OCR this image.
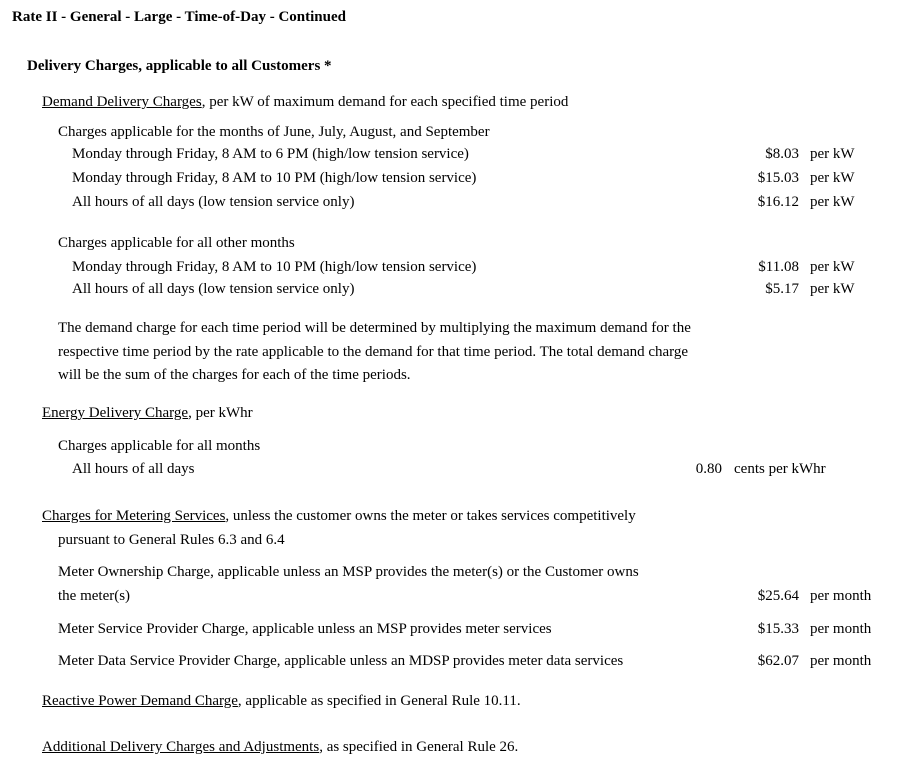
Rate II - General - Large - Time-of-Day - Continued
Delivery Charges, applicable to all Customers *
Demand Delivery Charges, per kW of maximum demand for each specified time period
Charges applicable for the months of June, July, August, and September
Monday through Friday, 8 AM to 6 PM (high/low tension service)	$8.03 per kW
Monday through Friday, 8 AM to 10 PM (high/low tension service)	$15.03 per kW
All hours of all days (low tension service only)	$16.12 per kW
Charges applicable for all other months
Monday through Friday, 8 AM to 10 PM (high/low tension service)	$11.08 per kW
All hours of all days (low tension service only)	$5.17 per kW
The demand charge for each time period will be determined by multiplying the maximum demand for the
respective time period by the rate applicable to the demand for that time period. The total demand charge
will be the sum of the charges for each of the time periods.
Energy Delivery Charge, per kWhr
Charges applicable for all months
All hours of all days	0.80 cents per kWhr
Charges for Metering Services, unless the customer owns the meter or takes services competitively
pursuant to General Rules 6.3 and 6.4
Meter Ownership Charge, applicable unless an MSP provides the meter(s) or the Customer owns
the meter(s)	$25.64 per month
Meter Service Provider Charge, applicable unless an MSP provides meter services	$15.33 per month
Meter Data Service Provider Charge, applicable unless an MDSP provides meter data services	$62.07 per month
Reactive Power Demand Charge, applicable as specified in General Rule 10.11.
Additional Delivery Charges and Adjustments, as specified in General Rule 26.
